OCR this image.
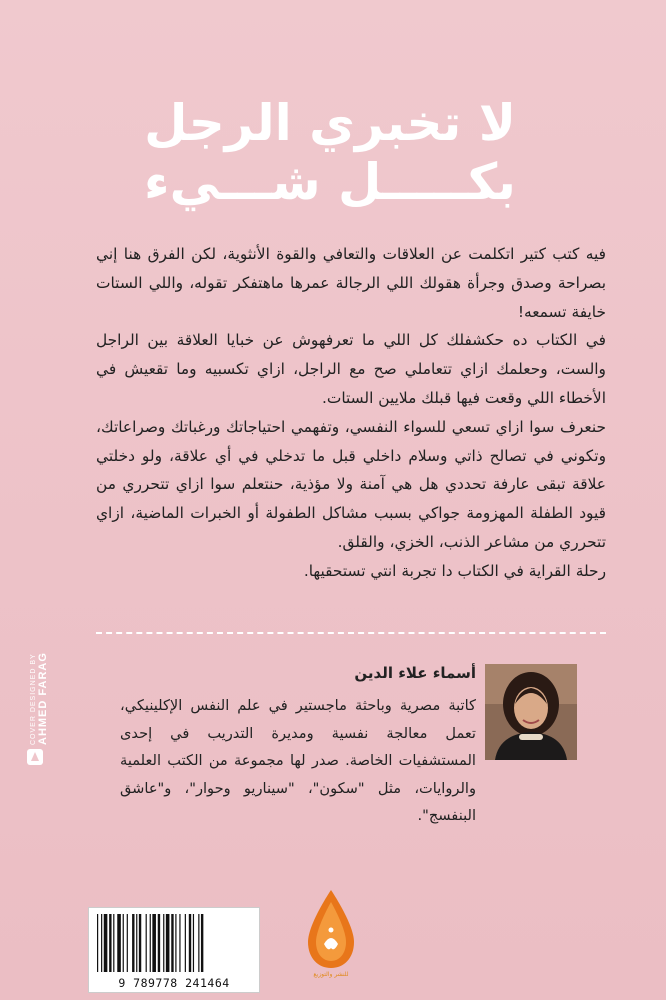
لا تخبري الرجل
بكـــــل شـــيء

فيه كتب كتير اتكلمت عن العلاقات والتعافي والقوة الأنثوية، لكن الفرق هنا إني بصراحة وصدق وجرأة هقولك اللي الرجالة عمرها ماهتفكر تقوله، واللي الستات خايفة تسمعه!

في الكتاب ده حكشفلك كل اللي ما تعرفهوش عن خبايا العلاقة بين الراجل والست، وحعلمك ازاي تتعاملي صح مع الراجل، ازاي تكسبيه وما تقعيش في الأخطاء اللي وقعت فيها قبلك ملايين الستات.

حنعرف سوا ازاي تسعي للسواء النفسي، وتفهمي احتياجاتك ورغباتك وصراعاتك، وتكوني في تصالح ذاتي وسلام داخلي قبل ما تدخلي في أي علاقة، ولو دخلتي علاقة تبقى عارفة تحددي هل هي آمنة ولا مؤذية، حنتعلم سوا ازاي تتحرري من قيود الطفلة المهزومة جواكي بسبب مشاكل الطفولة أو الخبرات الماضية، ازاي تتحرري من مشاعر الذنب، الخزي، والقلق.

رحلة القراية في الكتاب دا تجربة انتي تستحقيها.

أسماء علاء الدين
كاتبة مصرية وباحثة ماجستير في علم النفس الإكلينيكي، تعمل معالجة نفسية ومديرة التدريب في إحدى المستشفيات الخاصة. صدر لها مجموعة من الكتب العلمية والروايات، مثل "سكون"، "سيناريو وحوار"، و"عاشق البنفسج".
COVER DESIGNED BY AHMED FARAG
9 789778 241464
للنشر والتوزيع
